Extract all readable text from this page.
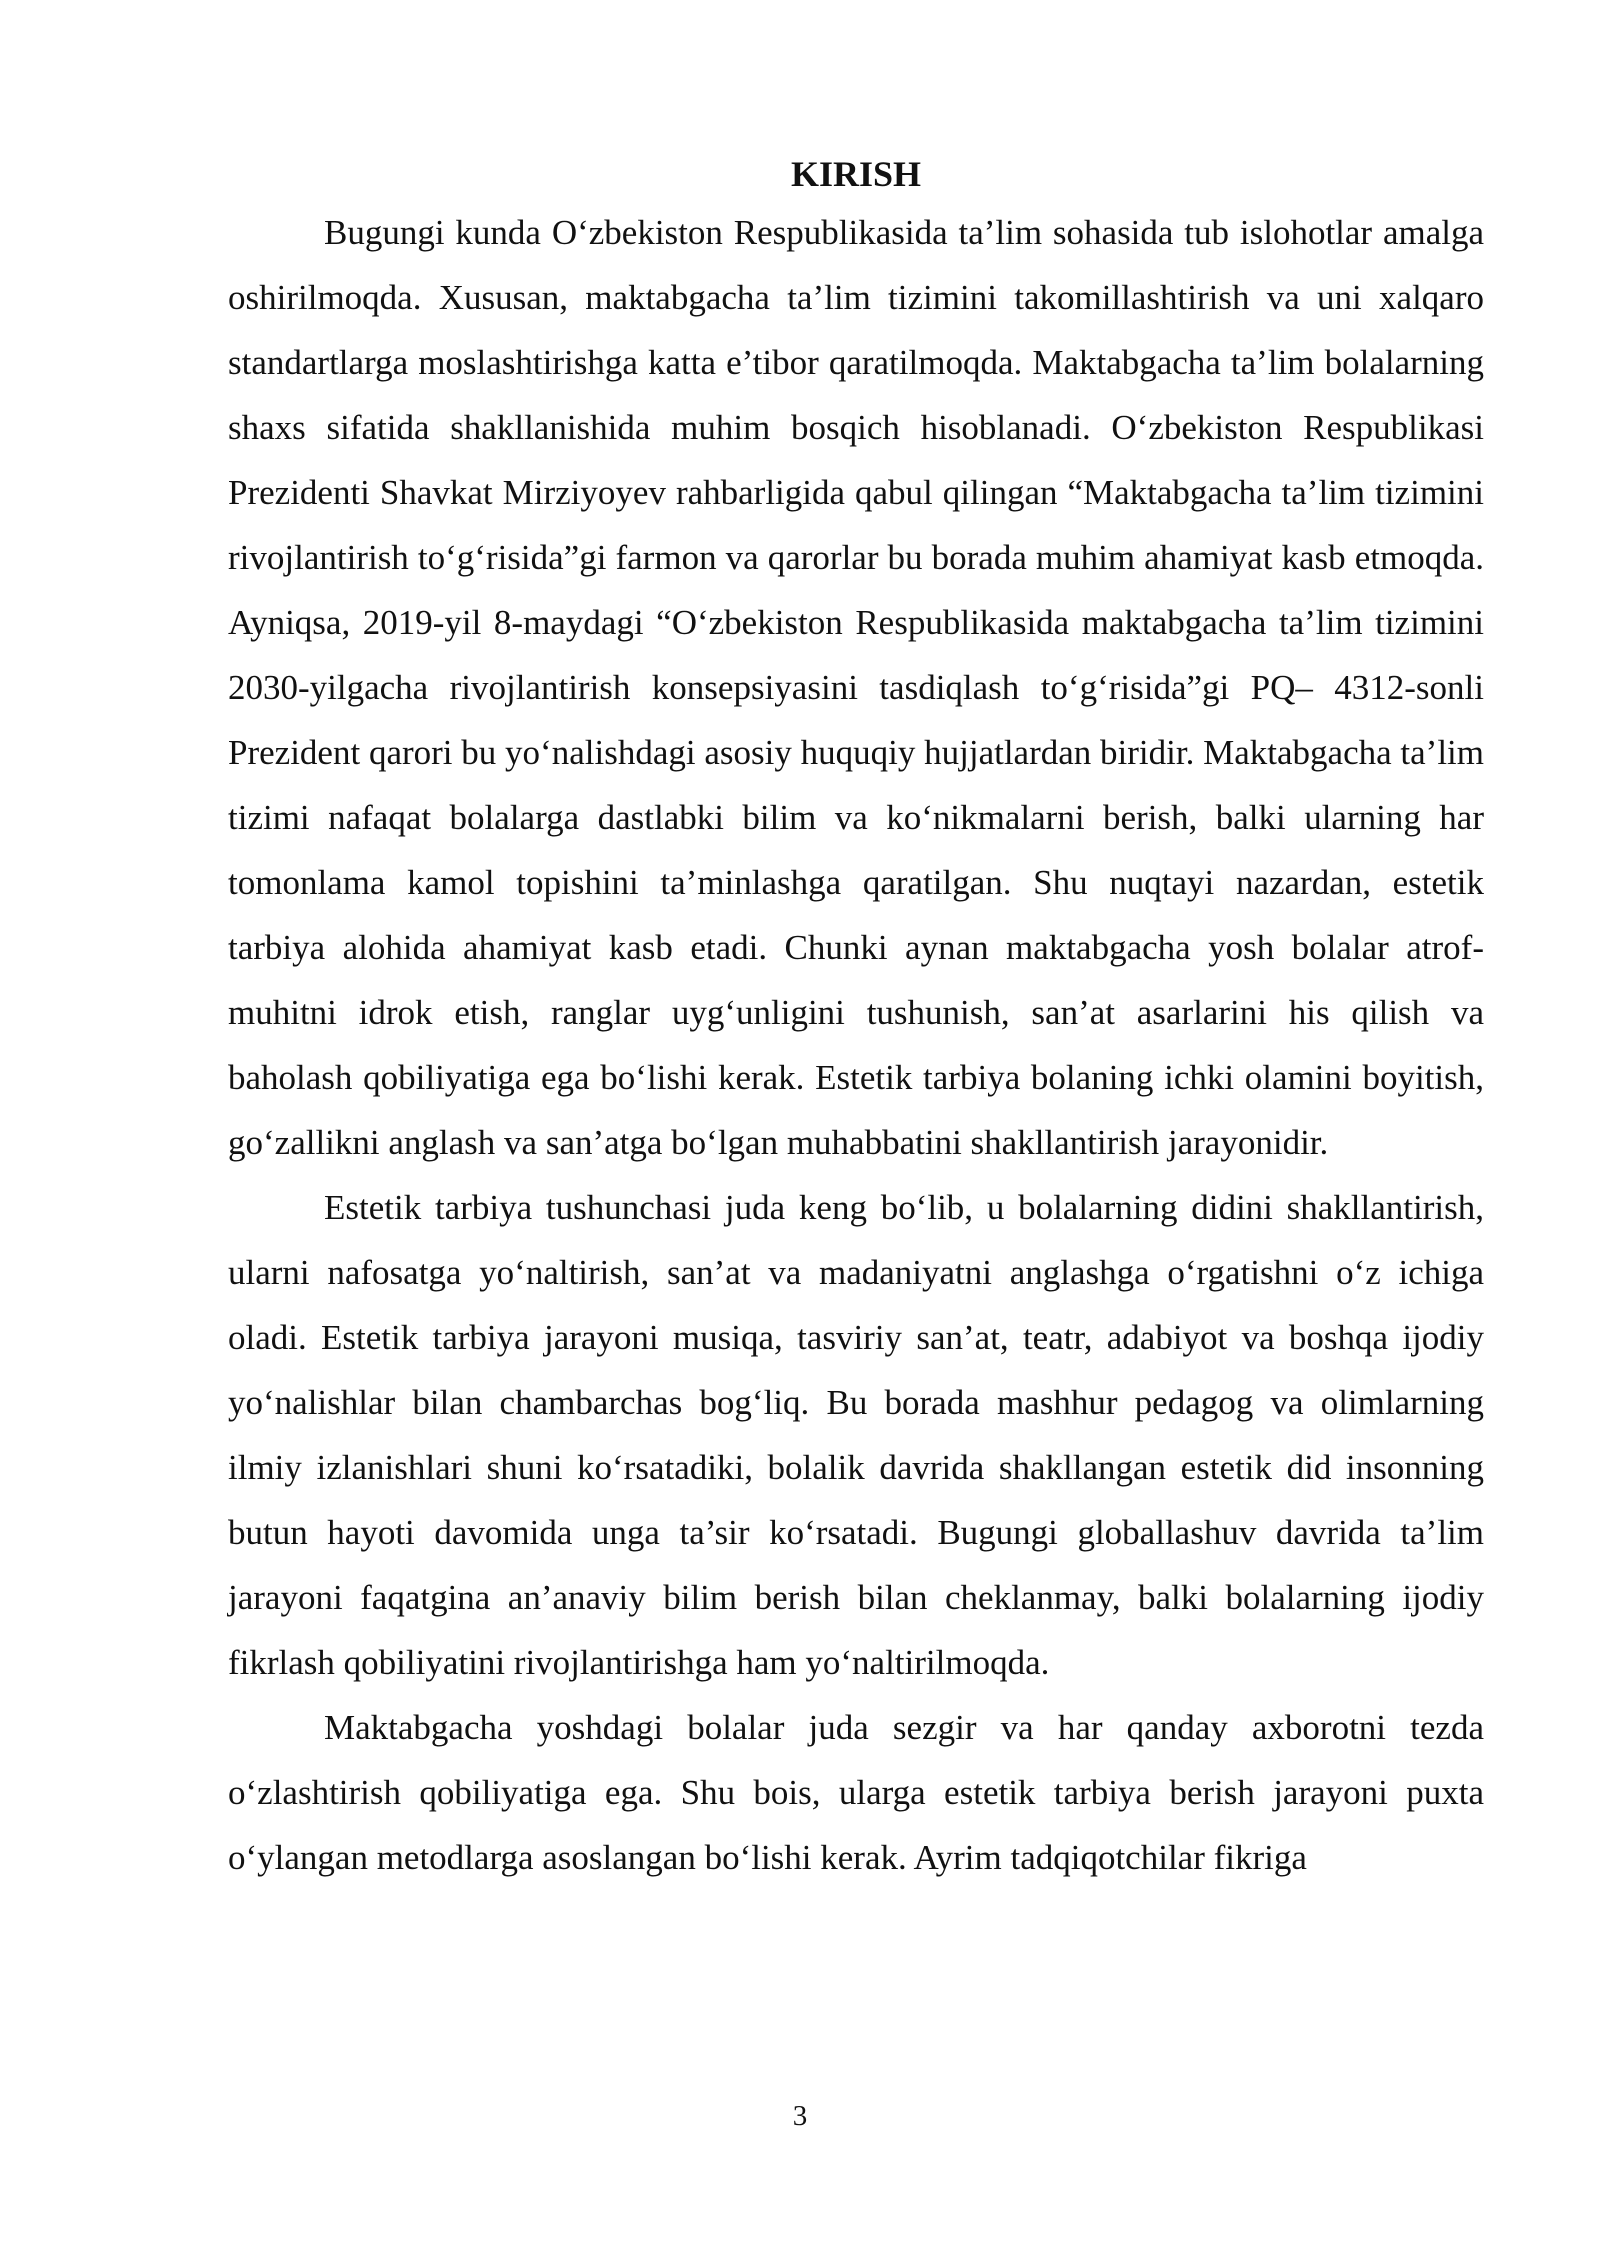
KIRISH

Bugungi kunda O‘zbekiston Respublikasida ta’lim sohasida tub islohotlar amalga oshirilmoqda. Xususan, maktabgacha ta’lim tizimini takomillashtirish va uni xalqaro standartlarga moslashtirishga katta e’tibor qaratilmoqda. Maktabgacha ta’lim bolalarning shaxs sifatida shakllanishida muhim bosqich hisoblanadi. O‘zbekiston Respublikasi Prezidenti Shavkat Mirziyoyev rahbarligida qabul qilingan “Maktabgacha ta’lim tizimini rivojlantirish to‘g‘risida”gi farmon va qarorlar bu borada muhim ahamiyat kasb etmoqda. Ayniqsa, 2019-yil 8-maydagi “O‘zbekiston Respublikasida maktabgacha ta’lim tizimini 2030-yilgacha rivojlantirish konsepsiyasini tasdiqlash to‘g‘risida”gi PQ– 4312-sonli Prezident qarori bu yo‘nalishdagi asosiy huquqiy hujjatlardan biridir. Maktabgacha ta’lim tizimi nafaqat bolalarga dastlabki bilim va ko‘nikmalarni berish, balki ularning har tomonlama kamol topishini ta’minlashga qaratilgan. Shu nuqtayi nazardan, estetik tarbiya alohida ahamiyat kasb etadi. Chunki aynan maktabgacha yosh bolalar atrof-muhitni idrok etish, ranglar uyg‘unligini tushunish, san’at asarlarini his qilish va baholash qobiliyatiga ega bo‘lishi kerak. Estetik tarbiya bolaning ichki olamini boyitish, go‘zallikni anglash va san’atga bo‘lgan muhabbatini shakllantirish jarayonidir.

Estetik tarbiya tushunchasi juda keng bo‘lib, u bolalarning didini shakllantirish, ularni nafosatga yo‘naltirish, san’at va madaniyatni anglashga o‘rgatishni o‘z ichiga oladi. Estetik tarbiya jarayoni musiqa, tasviriy san’at, teatr, adabiyot va boshqa ijodiy yo‘nalishlar bilan chambarchas bog‘liq. Bu borada mashhur pedagog va olimlarning ilmiy izlanishlari shuni ko‘rsatadiki, bolalik davrida shakllangan estetik did insonning butun hayoti davomida unga ta’sir ko‘rsatadi. Bugungi globallashuv davrida ta’lim jarayoni faqatgina an’anaviy bilim berish bilan cheklanmay, balki bolalarning ijodiy fikrlash qobiliyatini rivojlantirishga ham yo‘naltirilmoqda.

Maktabgacha yoshdagi bolalar juda sezgir va har qanday axborotni tezda o‘zlashtirish qobiliyatiga ega. Shu bois, ularga estetik tarbiya berish jarayoni puxta o‘ylangan metodlarga asoslangan bo‘lishi kerak. Ayrim tadqiqotchilar fikriga

3
